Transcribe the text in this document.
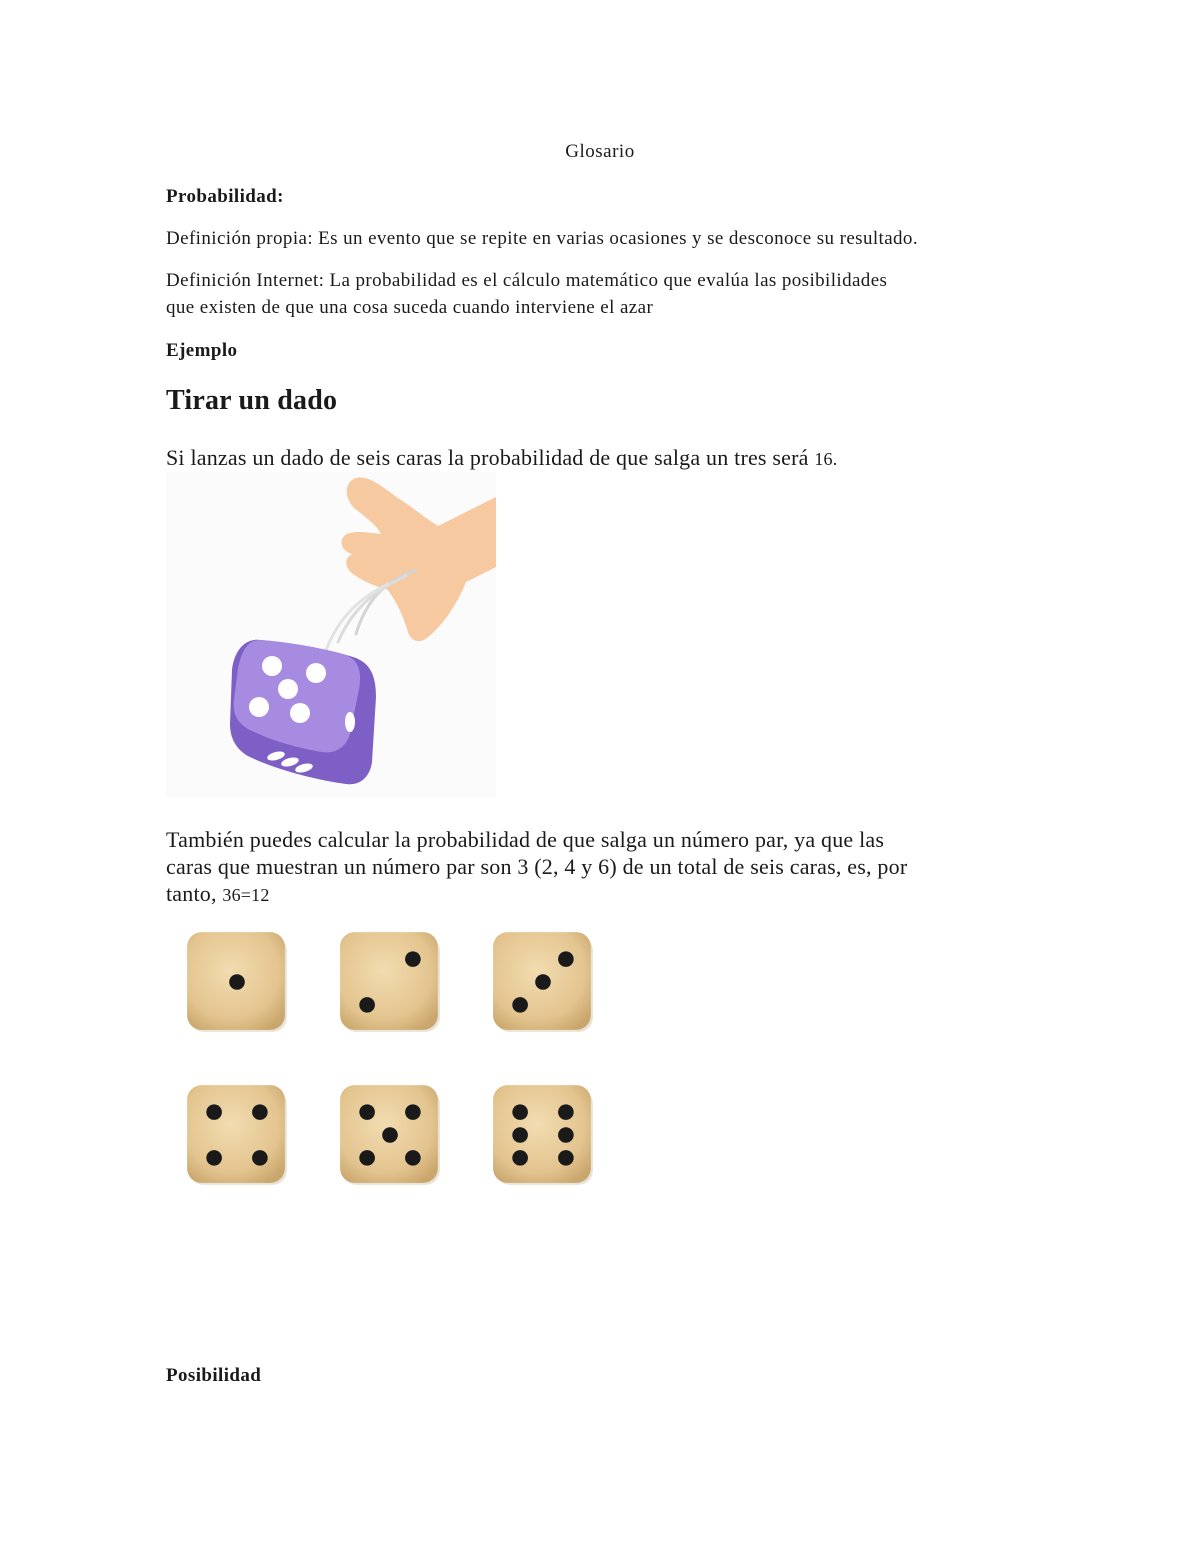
Glosario
Probabilidad:
Definición propia: Es un evento que se repite en varias ocasiones y se desconoce su resultado.
Definición Internet: La probabilidad es el cálculo matemático que evalúa las posibilidades
que existen de que una cosa suceda cuando interviene el azar
Ejemplo
Tirar un dado
Si lanzas un dado de seis caras la probabilidad de que salga un tres será 16.
También puedes calcular la probabilidad de que salga un número par, ya que las
caras que muestran un número par son 3 (2, 4 y 6) de un total de seis caras, es, por
tanto, 36=12
Posibilidad
